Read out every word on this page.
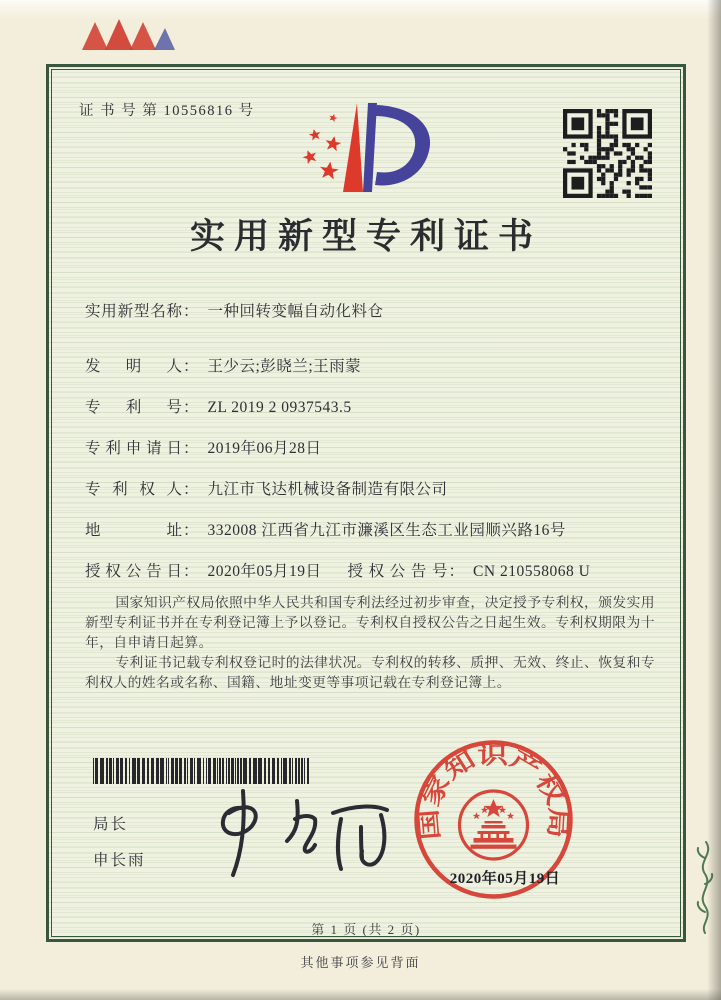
证 书 号 第 10556816 号
实用新型专利证书
实用新型名称 ： 一种回转变幅自动化料仓
发明人 ： 王少云;彭晓兰;王雨蒙
专利号 ： ZL 2019 2 0937543.5
专利申请日 ： 2019年06月28日
专利权人 ： 九江市飞达机械设备制造有限公司
地址 ： 332008 江西省九江市濂溪区生态工业园顺兴路16号
授权公告日 ： 2020年05月19日 授权公告号 ： CN 210558068 U

国家知识产权局依照中华人民共和国专利法经过初步审查，决定授予专利权，颁发实用新型专利证书并在专利登记簿上予以登记。专利权自授权公告之日起生效。专利权期限为十年，自申请日起算。

专利证书记载专利权登记时的法律状况。专利权的转移、质押、无效、终止、恢复和专利权人的姓名或名称、国籍、地址变更等事项记载在专利登记簿上。

局长
申长雨
国家知识产权局
2020年05月19日
第 1 页 (共 2 页)
其他事项参见背面
